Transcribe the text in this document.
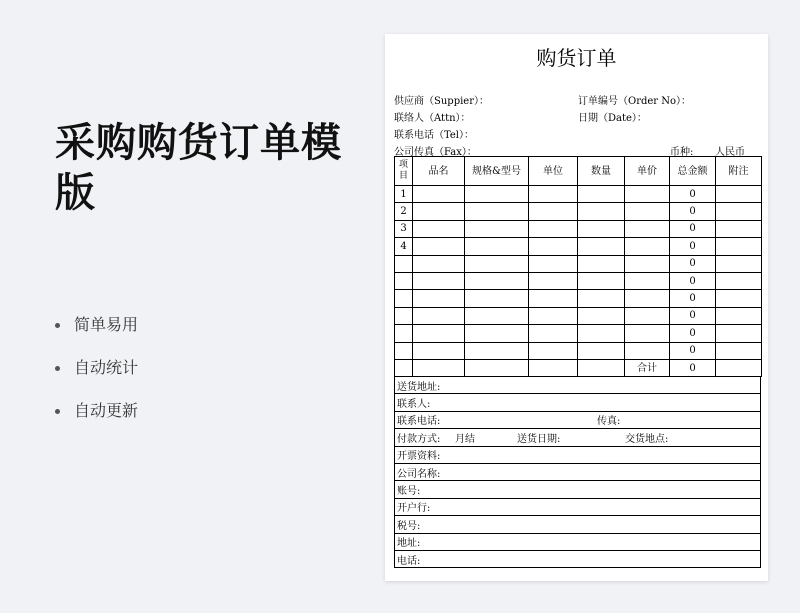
采购购货订单模版
简单易用
自动统计
自动更新
购货订单
供应商（Suppier）：	订单编号（Order No）：
联络人（Attn）：	日期（Date）：
联系电话（Tel）：
公司传真（Fax）：	币种: 人民币
项目	品名	规格&型号	单位	数量	单价	总金额	附注
1						0	
2						0	
3						0	
4						0	
						0	
						0	
						0	
						0	
						0	
						0	
					合计	0	
送货地址:
联系人:
联系电话:	传真:
付款方式: 月结	送货日期:	交货地点:
开票资料:
公司名称:
账号:
开户行:
税号:
地址:
电话:
